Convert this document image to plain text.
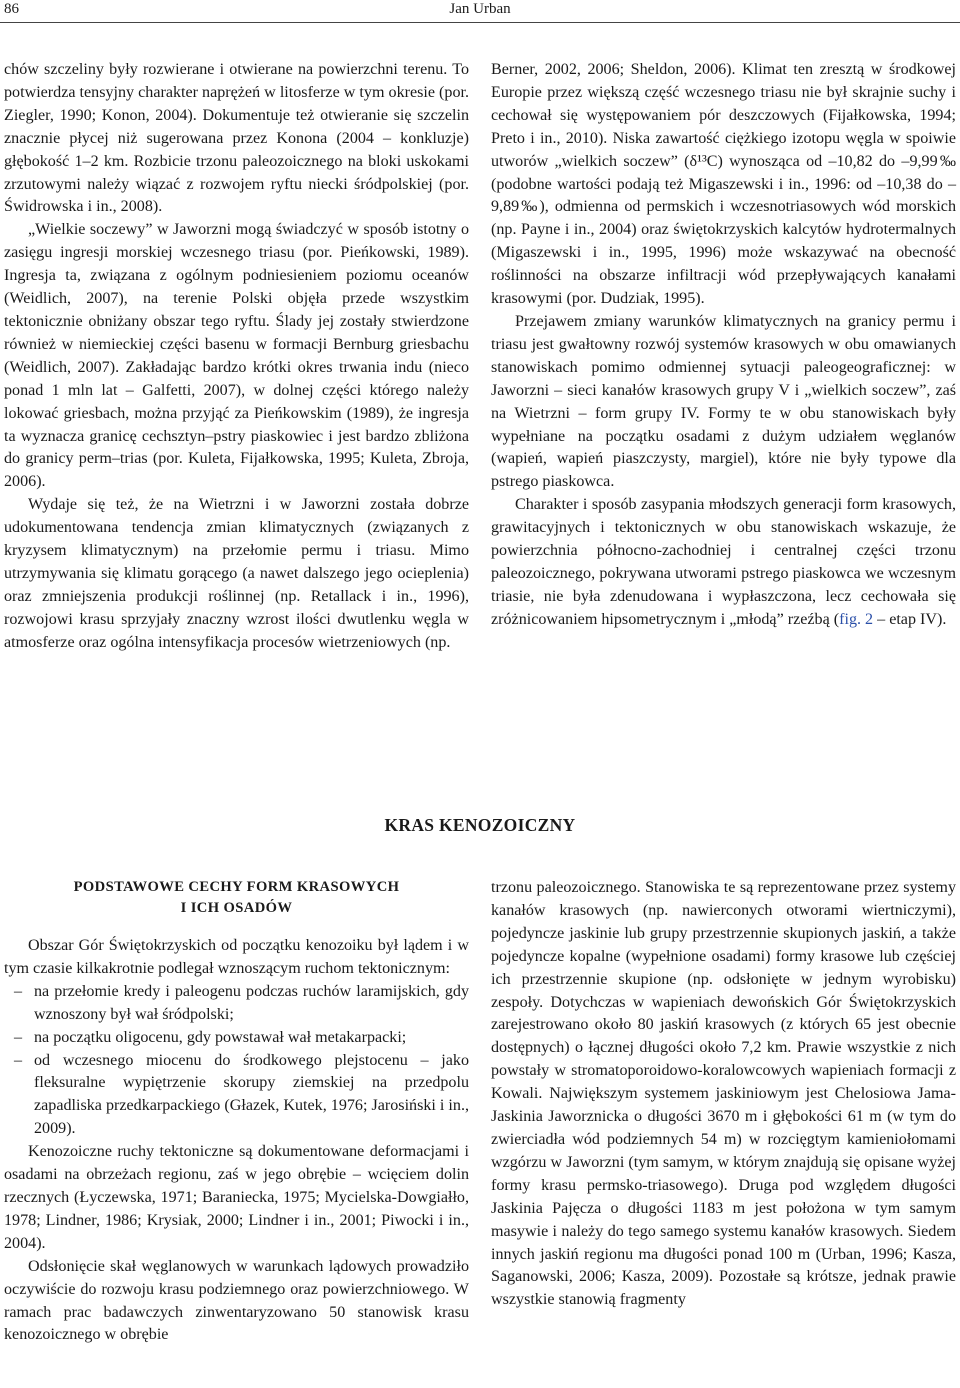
86	Jan Urban

chów szczeliny były rozwierane i otwierane na powierzchni terenu. To potwierdza tensyjny charakter naprężeń w litosferze w tym okresie (por. Ziegler, 1990; Konon, 2004). Dokumentuje też otwieranie się szczelin znacznie płycej niż sugerowana przez Konona (2004 – konkluzje) głębokość 1–2 km. Rozbicie trzonu paleozoicznego na bloki uskokami zrzutowymi należy wiązać z rozwojem ryftu niecki śródpolskiej (por. Świdrowska i in., 2008).

„Wielkie soczewy” w Jaworzni mogą świadczyć w sposób istotny o zasięgu ingresji morskiej wczesnego triasu (por. Pieńkowski, 1989). Ingresja ta, związana z ogólnym podniesieniem poziomu oceanów (Weidlich, 2007), na terenie Polski objęła przede wszystkim tektonicznie obniżany obszar tego ryftu. Ślady jej zostały stwierdzone również w niemieckiej części basenu w formacji Bernburg griesbachu (Weidlich, 2007). Zakładając bardzo krótki okres trwania indu (nieco ponad 1 mln lat – Galfetti, 2007), w dolnej części którego należy lokować griesbach, można przyjąć za Pieńkowskim (1989), że ingresja ta wyznacza granicę cechsztyn–pstry piaskowiec i jest bardzo zbliżona do granicy perm–trias (por. Kuleta, Fijałkowska, 1995; Kuleta, Zbroja, 2006).

Wydaje się też, że na Wietrzni i w Jaworzni została dobrze udokumentowana tendencja zmian klimatycznych (związanych z kryzysem klimatycznym) na przełomie permu i triasu. Mimo utrzymywania się klimatu gorącego (a nawet dalszego jego ocieplenia) oraz zmniejszenia produkcji roślinnej (np. Retallack i in., 1996), rozwojowi krasu sprzyjały znaczny wzrost ilości dwutlenku węgla w atmosferze oraz ogólna intensyfikacja procesów wietrzeniowych (np.

Berner, 2002, 2006; Sheldon, 2006). Klimat ten zresztą w środkowej Europie przez większą część wczesnego triasu nie był skrajnie suchy i cechował się występowaniem pór deszczowych (Fijałkowska, 1994; Preto i in., 2010). Niska zawartość ciężkiego izotopu węgla w spoiwie utworów „wielkich soczew” (δ¹³C) wynosząca od –10,82 do –9,99‰ (podobne wartości podają też Migaszewski i in., 1996: od –10,38 do –9,89‰), odmienna od permskich i wczesnotriasowych wód morskich (np. Payne i in., 2004) oraz świętokrzyskich kalcytów hydrotermalnych (Migaszewski i in., 1995, 1996) może wskazywać na obecność roślinności na obszarze infiltracji wód przepływających kanałami krasowymi (por. Dudziak, 1995).

Przejawem zmiany warunków klimatycznych na granicy permu i triasu jest gwałtowny rozwój systemów krasowych w obu omawianych stanowiskach pomimo odmiennej sytuacji paleogeograficznej: w Jaworzni – sieci kanałów krasowych grupy V i „wielkich soczew”, zaś na Wietrzni – form grupy IV. Formy te w obu stanowiskach były wypełniane na początku osadami z dużym udziałem węglanów (wapień, wapień piaszczysty, margiel), które nie były typowe dla pstrego piaskowca.

Charakter i sposób zasypania młodszych generacji form krasowych, grawitacyjnych i tektonicznych w obu stanowiskach wskazuje, że powierzchnia północno-zachodniej i centralnej części trzonu paleozoicznego, pokrywana utworami pstrego piaskowca we wczesnym triasie, nie była zdenudowana i wypłaszczona, lecz cechowała się zróżnicowaniem hipsometrycznym i „młodą” rzeźbą (fig. 2 – etap IV).

KRAS KENOZOICZNY

PODSTAWOWE CECHY FORM KRASOWYCH
I ICH OSADÓW

Obszar Gór Świętokrzyskich od początku kenozoiku był lądem i w tym czasie kilkakrotnie podlegał wznoszącym ruchom tektonicznym:

– na przełomie kredy i paleogenu podczas ruchów laramijskich, gdy wznoszony był wał śródpolski;
– na początku oligocenu, gdy powstawał wał metakarpacki;
– od wczesnego miocenu do środkowego plejstocenu – jako fleksuralne wypiętrzenie skorupy ziemskiej na przedpolu zapadliska przedkarpackiego (Głazek, Kutek, 1976; Jarosiński i in., 2009).

Kenozoiczne ruchy tektoniczne są dokumentowane deformacjami i osadami na obrzeżach regionu, zaś w jego obrębie – wcięciem dolin rzecznych (Łyczewska, 1971; Baraniecka, 1975; Mycielska-Dowgiałło, 1978; Lindner, 1986; Krysiak, 2000; Lindner i in., 2001; Piwocki i in., 2004).

Odsłonięcie skał węglanowych w warunkach lądowych prowadziło oczywiście do rozwoju krasu podziemnego oraz powierzchniowego. W ramach prac badawczych zinwentaryzowano 50 stanowisk krasu kenozoicznego w obrębie

trzonu paleozoicznego. Stanowiska te są reprezentowane przez systemy kanałów krasowych (np. nawierconych otworami wiertniczymi), pojedyncze jaskinie lub grupy przestrzennie skupionych jaskiń, a także pojedyncze kopalne (wypełnione osadami) formy krasowe lub częściej ich przestrzennie skupione (np. odsłonięte w jednym wyrobisku) zespoły. Dotychczas w wapieniach dewońskich Gór Świętokrzyskich zarejestrowano około 80 jaskiń krasowych (z których 65 jest obecnie dostępnych) o łącznej długości około 7,2 km. Prawie wszystkie z nich powstały w stromatoporoidowo-koralowcowych wapieniach formacji z Kowali. Największym systemem jaskiniowym jest Chelosiowa Jama-Jaskinia Jaworznicka o długości 3670 m i głębokości 61 m (w tym do zwierciadła wód podziemnych 54 m) w rozcięgtym kamieniołomami wzgórzu w Jaworzni (tym samym, w którym znajdują się opisane wyżej formy krasu permsko-triasowego). Druga pod względem długości Jaskinia Pajęcza o długości 1183 m jest położona w tym samym masywie i należy do tego samego systemu kanałów krasowych. Siedem innych jaskiń regionu ma długości ponad 100 m (Urban, 1996; Kasza, Saganowski, 2006; Kasza, 2009). Pozostałe są krótsze, jednak prawie wszystkie stanowią fragmenty
